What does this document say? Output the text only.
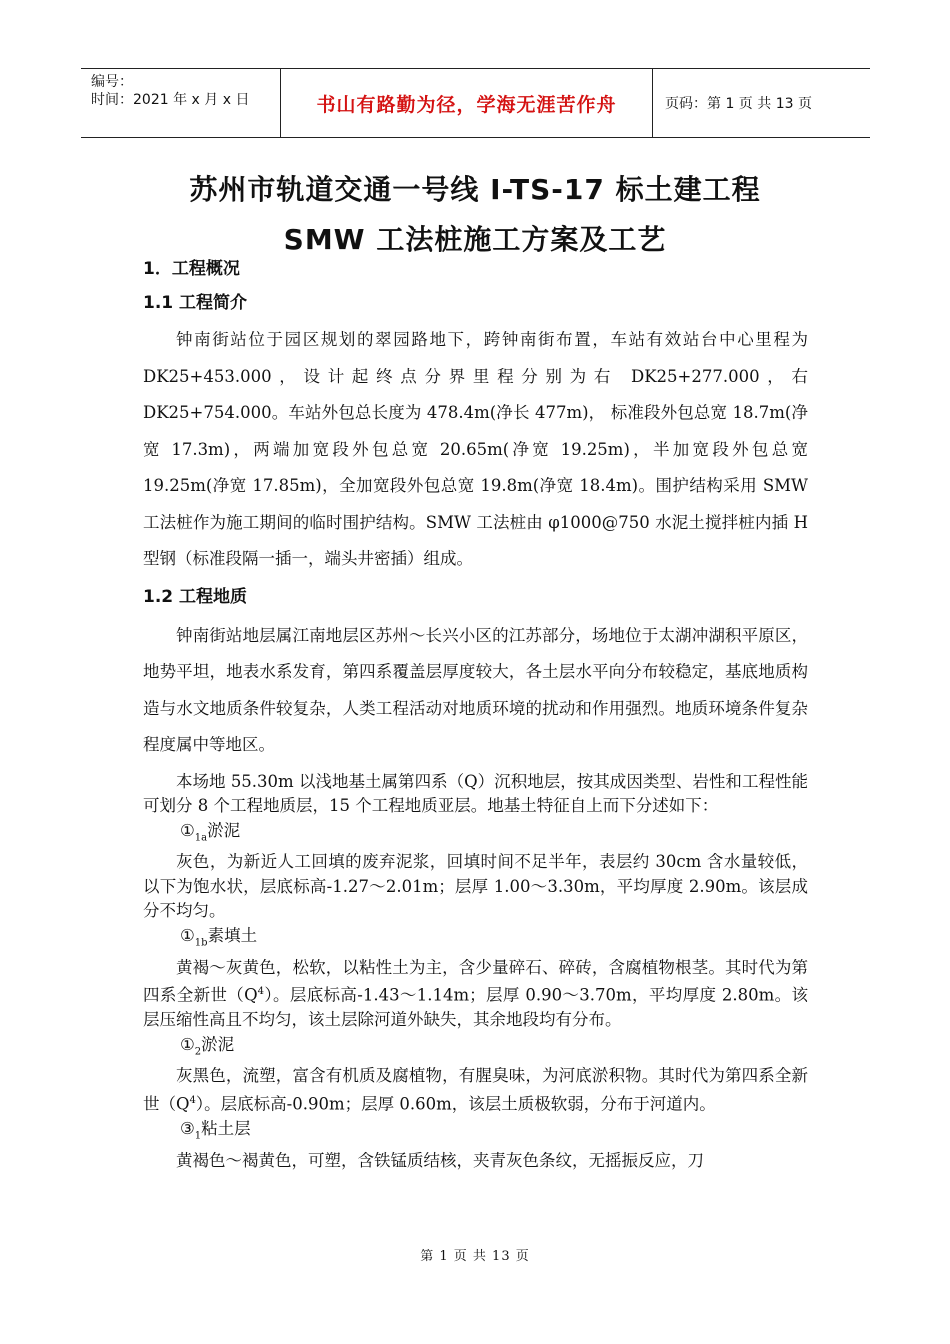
编号：
时间：2021 年 x 月 x 日	书山有路勤为径，学海无涯苦作舟	页码：第 1 页 共 13 页
苏州市轨道交通一号线 I-TS-17 标土建工程
SMW 工法桩施工方案及工艺

1．工程概况

1.1 工程简介

钟南街站位于园区规划的翠园路地下，跨钟南街布置，车站有效站台中心里程为 DK25+453.000，设计起终点分界里程分别为右 DK25+277.000，右 DK25+754.000。车站外包总长度为 478.4m(净长 477m)， 标准段外包总宽 18.7m(净宽 17.3m)，两端加宽段外包总宽 20.65m(净宽 19.25m)，半加宽段外包总宽 19.25m(净宽 17.85m)，全加宽段外包总宽 19.8m(净宽 18.4m)。围护结构采用 SMW 工法桩作为施工期间的临时围护结构。SMW 工法桩由 φ1000@750 水泥土搅拌桩内插 H 型钢（标准段隔一插一，端头井密插）组成。

1.2 工程地质

钟南街站地层属江南地层区苏州～长兴小区的江苏部分，场地位于太湖冲湖积平原区，地势平坦，地表水系发育，第四系覆盖层厚度较大，各土层水平向分布较稳定，基底地质构造与水文地质条件较复杂，人类工程活动对地质环境的扰动和作用强烈。地质环境条件复杂程度属中等地区。

本场地 55.30m 以浅地基土属第四系（Q）沉积地层，按其成因类型、岩性和工程性能可划分 8 个工程地质层，15 个工程地质亚层。地基土特征自上而下分述如下：

$①_{1a}$淤泥

灰色，为新近人工回填的废弃泥浆，回填时间不足半年，表层约 30cm 含水量较低，以下为饱水状，层底标高-1.27～2.01m；层厚 1.00～3.30m，平均厚度 2.90m。该层成分不均匀。

$①_{1b}$素填土

黄褐～灰黄色，松软，以粘性土为主，含少量碎石、碎砖，含腐植物根茎。其时代为第四系全新世$(Q^4)$。层底标高-1.43～1.14m；层厚 0.90～3.70m，平均厚度 2.80m。该层压缩性高且不均匀，该土层除河道外缺失，其余地段均有分布。

$①_2$淤泥

灰黑色，流塑，富含有机质及腐植物，有腥臭味，为河底淤积物。其时代为第四系全新世$(Q^4)$。层底标高-0.90m；层厚 0.60m，该层土质极软弱，分布于河道内。

$③_1$粘土层

黄褐色～褐黄色，可塑，含铁锰质结核，夹青灰色条纹，无摇振反应，刀

第 1 页 共 13 页
